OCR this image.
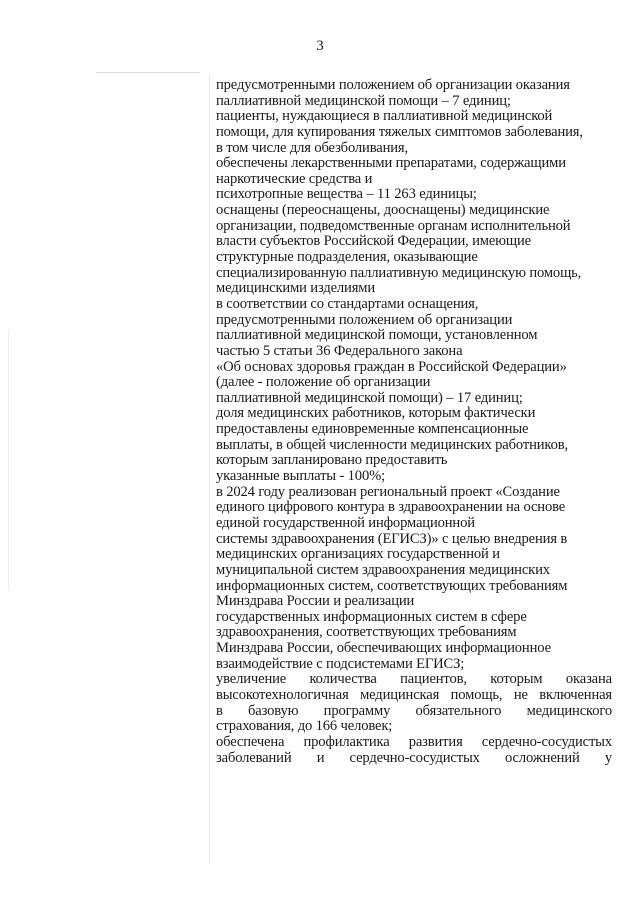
3
предусмотренными положением об организации оказания
паллиативной медицинской помощи – 7 единиц;
пациенты, нуждающиеся в паллиативной медицинской
помощи, для купирования тяжелых симптомов заболевания,
в том числе для обезболивания,
обеспечены лекарственными препаратами, содержащими
наркотические средства и
психотропные вещества – 11 263 единицы;
оснащены (переоснащены, дооснащены) медицинские
организации, подведомственные органам исполнительной
власти субъектов Российской Федерации, имеющие
структурные подразделения, оказывающие
специализированную паллиативную медицинскую помощь,
медицинскими изделиями
в соответствии со стандартами оснащения,
предусмотренными положением об организации
паллиативной медицинской помощи, установленном
частью 5 статьи 36 Федерального закона
«Об основах здоровья граждан в Российской Федерации»
(далее - положение об организации
паллиативной медицинской помощи) – 17 единиц;
доля медицинских работников, которым фактически
предоставлены единовременные компенсационные
выплаты, в общей численности медицинских работников,
которым запланировано предоставить
указанные выплаты - 100%;
в 2024 году реализован региональный проект «Создание
единого цифрового контура в здравоохранении на основе
единой государственной информационной
системы здравоохранения (ЕГИСЗ)» с целью внедрения в
медицинских организациях государственной и
муниципальной систем здравоохранения медицинских
информационных систем, соответствующих требованиям
Минздрава России и реализации
государственных информационных систем в сфере
здравоохранения, соответствующих требованиям
Минздрава России, обеспечивающих информационное
взаимодействие с подсистемами ЕГИСЗ;
увеличение количества пациентов, которым оказана
высокотехнологичная медицинская помощь, не включенная
в базовую программу обязательного медицинского
страхования, до 166 человек;
обеспечена профилактика развития сердечно-сосудистых
заболеваний и сердечно-сосудистых осложнений у
